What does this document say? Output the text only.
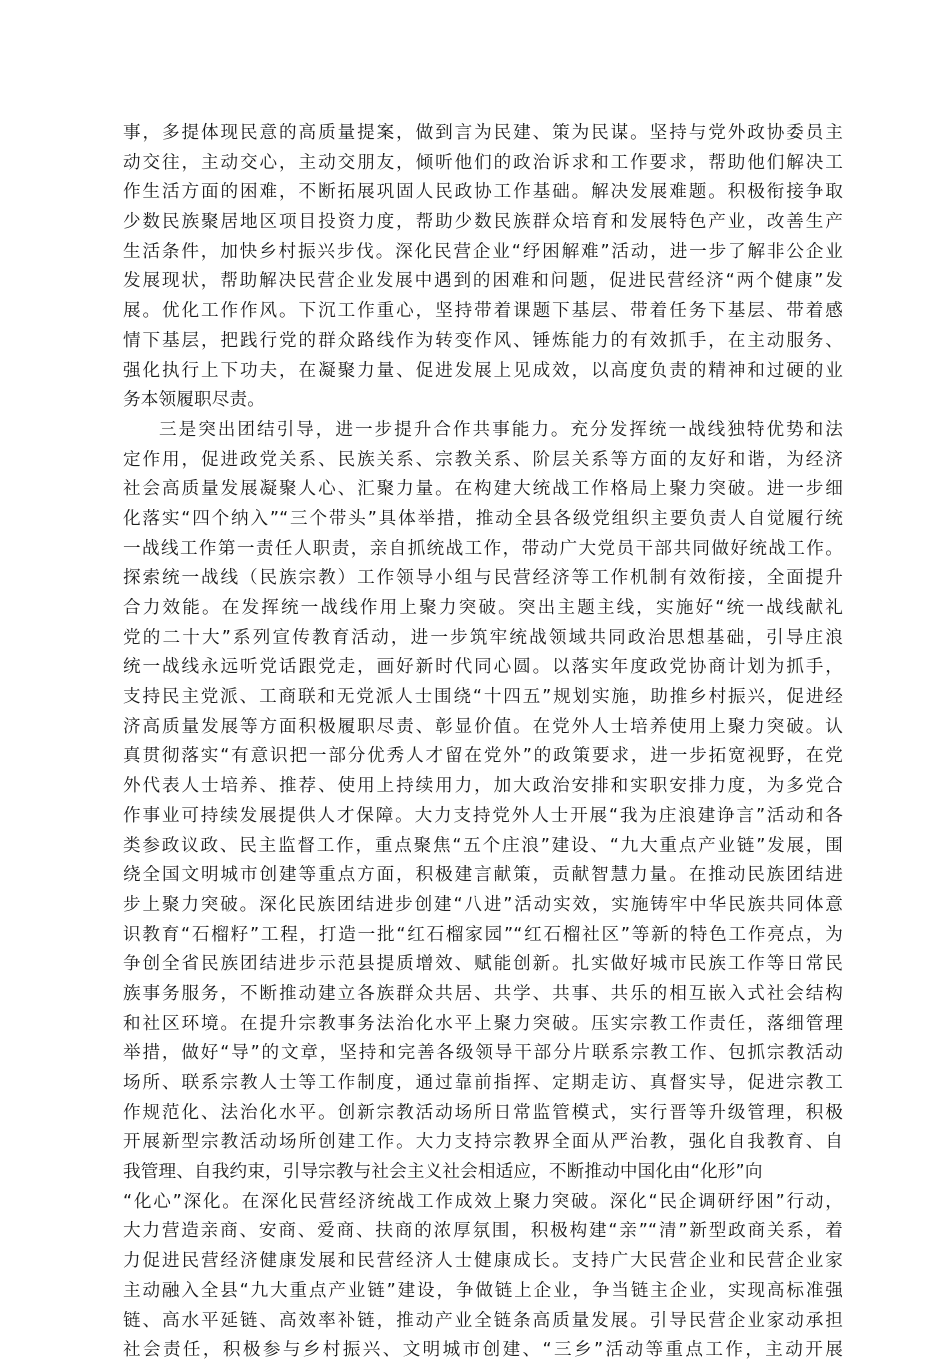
事，多提体现民意的高质量提案，做到言为民建、策为民谋。坚持与党外政协委员主
动交往，主动交心，主动交朋友，倾听他们的政治诉求和工作要求，帮助他们解决工
作生活方面的困难，不断拓展巩固人民政协工作基础。解决发展难题。积极衔接争取
少数民族聚居地区项目投资力度，帮助少数民族群众培育和发展特色产业，改善生产
生活条件，加快乡村振兴步伐。深化民营企业“纾困解难”活动，进一步了解非公企业
发展现状，帮助解决民营企业发展中遇到的困难和问题，促进民营经济“两个健康”发
展。优化工作作风。下沉工作重心，坚持带着课题下基层、带着任务下基层、带着感
情下基层，把践行党的群众路线作为转变作风、锤炼能力的有效抓手，在主动服务、
强化执行上下功夫，在凝聚力量、促进发展上见成效，以高度负责的精神和过硬的业
务本领履职尽责。
三是突出团结引导，进一步提升合作共事能力。充分发挥统一战线独特优势和法
定作用，促进政党关系、民族关系、宗教关系、阶层关系等方面的友好和谐，为经济
社会高质量发展凝聚人心、汇聚力量。在构建大统战工作格局上聚力突破。进一步细
化落实“四个纳入”“三个带头”具体举措，推动全县各级党组织主要负责人自觉履行统
一战线工作第一责任人职责，亲自抓统战工作，带动广大党员干部共同做好统战工作。
探索统一战线（民族宗教）工作领导小组与民营经济等工作机制有效衔接，全面提升
合力效能。在发挥统一战线作用上聚力突破。突出主题主线，实施好“统一战线献礼
党的二十大”系列宣传教育活动，进一步筑牢统战领域共同政治思想基础，引导庄浪
统一战线永远听党话跟党走，画好新时代同心圆。以落实年度政党协商计划为抓手，
支持民主党派、工商联和无党派人士围绕“十四五”规划实施，助推乡村振兴，促进经
济高质量发展等方面积极履职尽责、彰显价值。在党外人士培养使用上聚力突破。认
真贯彻落实“有意识把一部分优秀人才留在党外”的政策要求，进一步拓宽视野，在党
外代表人士培养、推荐、使用上持续用力，加大政治安排和实职安排力度，为多党合
作事业可持续发展提供人才保障。大力支持党外人士开展“我为庄浪建诤言”活动和各
类参政议政、民主监督工作，重点聚焦“五个庄浪”建设、“九大重点产业链”发展，围
绕全国文明城市创建等重点方面，积极建言献策，贡献智慧力量。在推动民族团结进
步上聚力突破。深化民族团结进步创建“八进”活动实效，实施铸牢中华民族共同体意
识教育“石榴籽”工程，打造一批“红石榴家园”“红石榴社区”等新的特色工作亮点，为
争创全省民族团结进步示范县提质增效、赋能创新。扎实做好城市民族工作等日常民
族事务服务，不断推动建立各族群众共居、共学、共事、共乐的相互嵌入式社会结构
和社区环境。在提升宗教事务法治化水平上聚力突破。压实宗教工作责任，落细管理
举措，做好“导”的文章，坚持和完善各级领导干部分片联系宗教工作、包抓宗教活动
场所、联系宗教人士等工作制度，通过靠前指挥、定期走访、真督实导，促进宗教工
作规范化、法治化水平。创新宗教活动场所日常监管模式，实行晋等升级管理，积极
开展新型宗教活动场所创建工作。大力支持宗教界全面从严治教，强化自我教育、自
我管理、自我约束，引导宗教与社会主义社会相适应，不断推动中国化由“化形”向
“化心”深化。在深化民营经济统战工作成效上聚力突破。深化“民企调研纾困”行动，
大力营造亲商、安商、爱商、扶商的浓厚氛围，积极构建“亲”“清”新型政商关系，着
力促进民营经济健康发展和民营经济人士健康成长。支持广大民营企业和民营企业家
主动融入全县“九大重点产业链”建设，争做链上企业，争当链主企业，实现高标准强
链、高水平延链、高效率补链，推动产业全链条高质量发展。引导民营企业家动承担
社会责任，积极参与乡村振兴、文明城市创建、“三乡”活动等重点工作，主动开展
